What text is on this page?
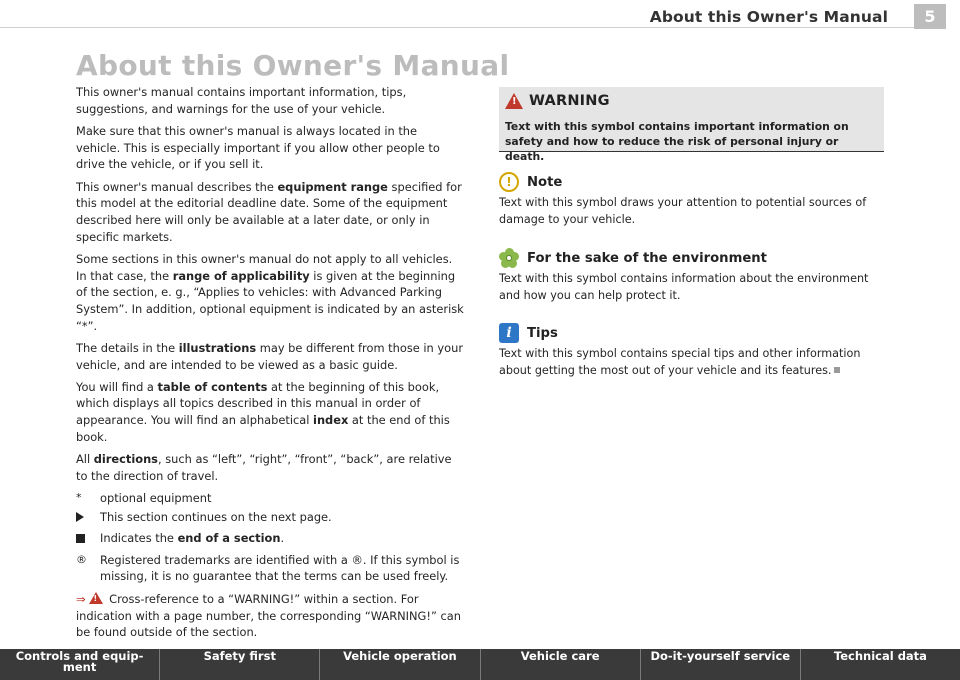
About this Owner's Manual	5
About this Owner's Manual

This owner's manual contains important information, tips, suggestions, and warnings for the use of your vehicle.

Make sure that this owner's manual is always located in the vehicle. This is especially important if you allow other people to drive the vehicle, or if you sell it.

This owner's manual describes the equipment range specified for this model at the editorial deadline date. Some of the equipment described here will only be available at a later date, or only in specific markets.

Some sections in this owner's manual do not apply to all vehicles. In that case, the range of applicability is given at the beginning of the section, e. g., “Applies to vehicles: with Advanced Parking System”. In addition, optional equipment is indicated by an asterisk “*”.

The details in the illustrations may be different from those in your vehicle, and are intended to be viewed as a basic guide.

You will find a table of contents at the beginning of this book, which displays all topics described in this manual in order of appearance. You will find an alphabetical index at the end of this book.

All directions, such as “left”, “right”, “front”, “back”, are relative to the direction of travel.

*	optional equipment
This section continues on the next page.
Indicates the end of a section.
®	Registered trademarks are identified with a ®. If this symbol is missing, it is no guarantee that the terms can be used freely.

⇒! Cross-reference to a “WARNING!” within a section. For indication with a page number, the corresponding “WARNING!” can be found outside of the section.

!
WARNING
Text with this symbol contains important information on safety and how to reduce the risk of personal injury or death.
!	Note
Text with this symbol draws your attention to potential sources of damage to your vehicle.
For the sake of the environment
Text with this symbol contains information about the environment and how you can help protect it.
i	Tips
Text with this symbol contains special tips and other information about getting the most out of your vehicle and its features.
Controls and equip-
ment
Safety first	Vehicle operation	Vehicle care	Do-it-yourself service	Technical data
